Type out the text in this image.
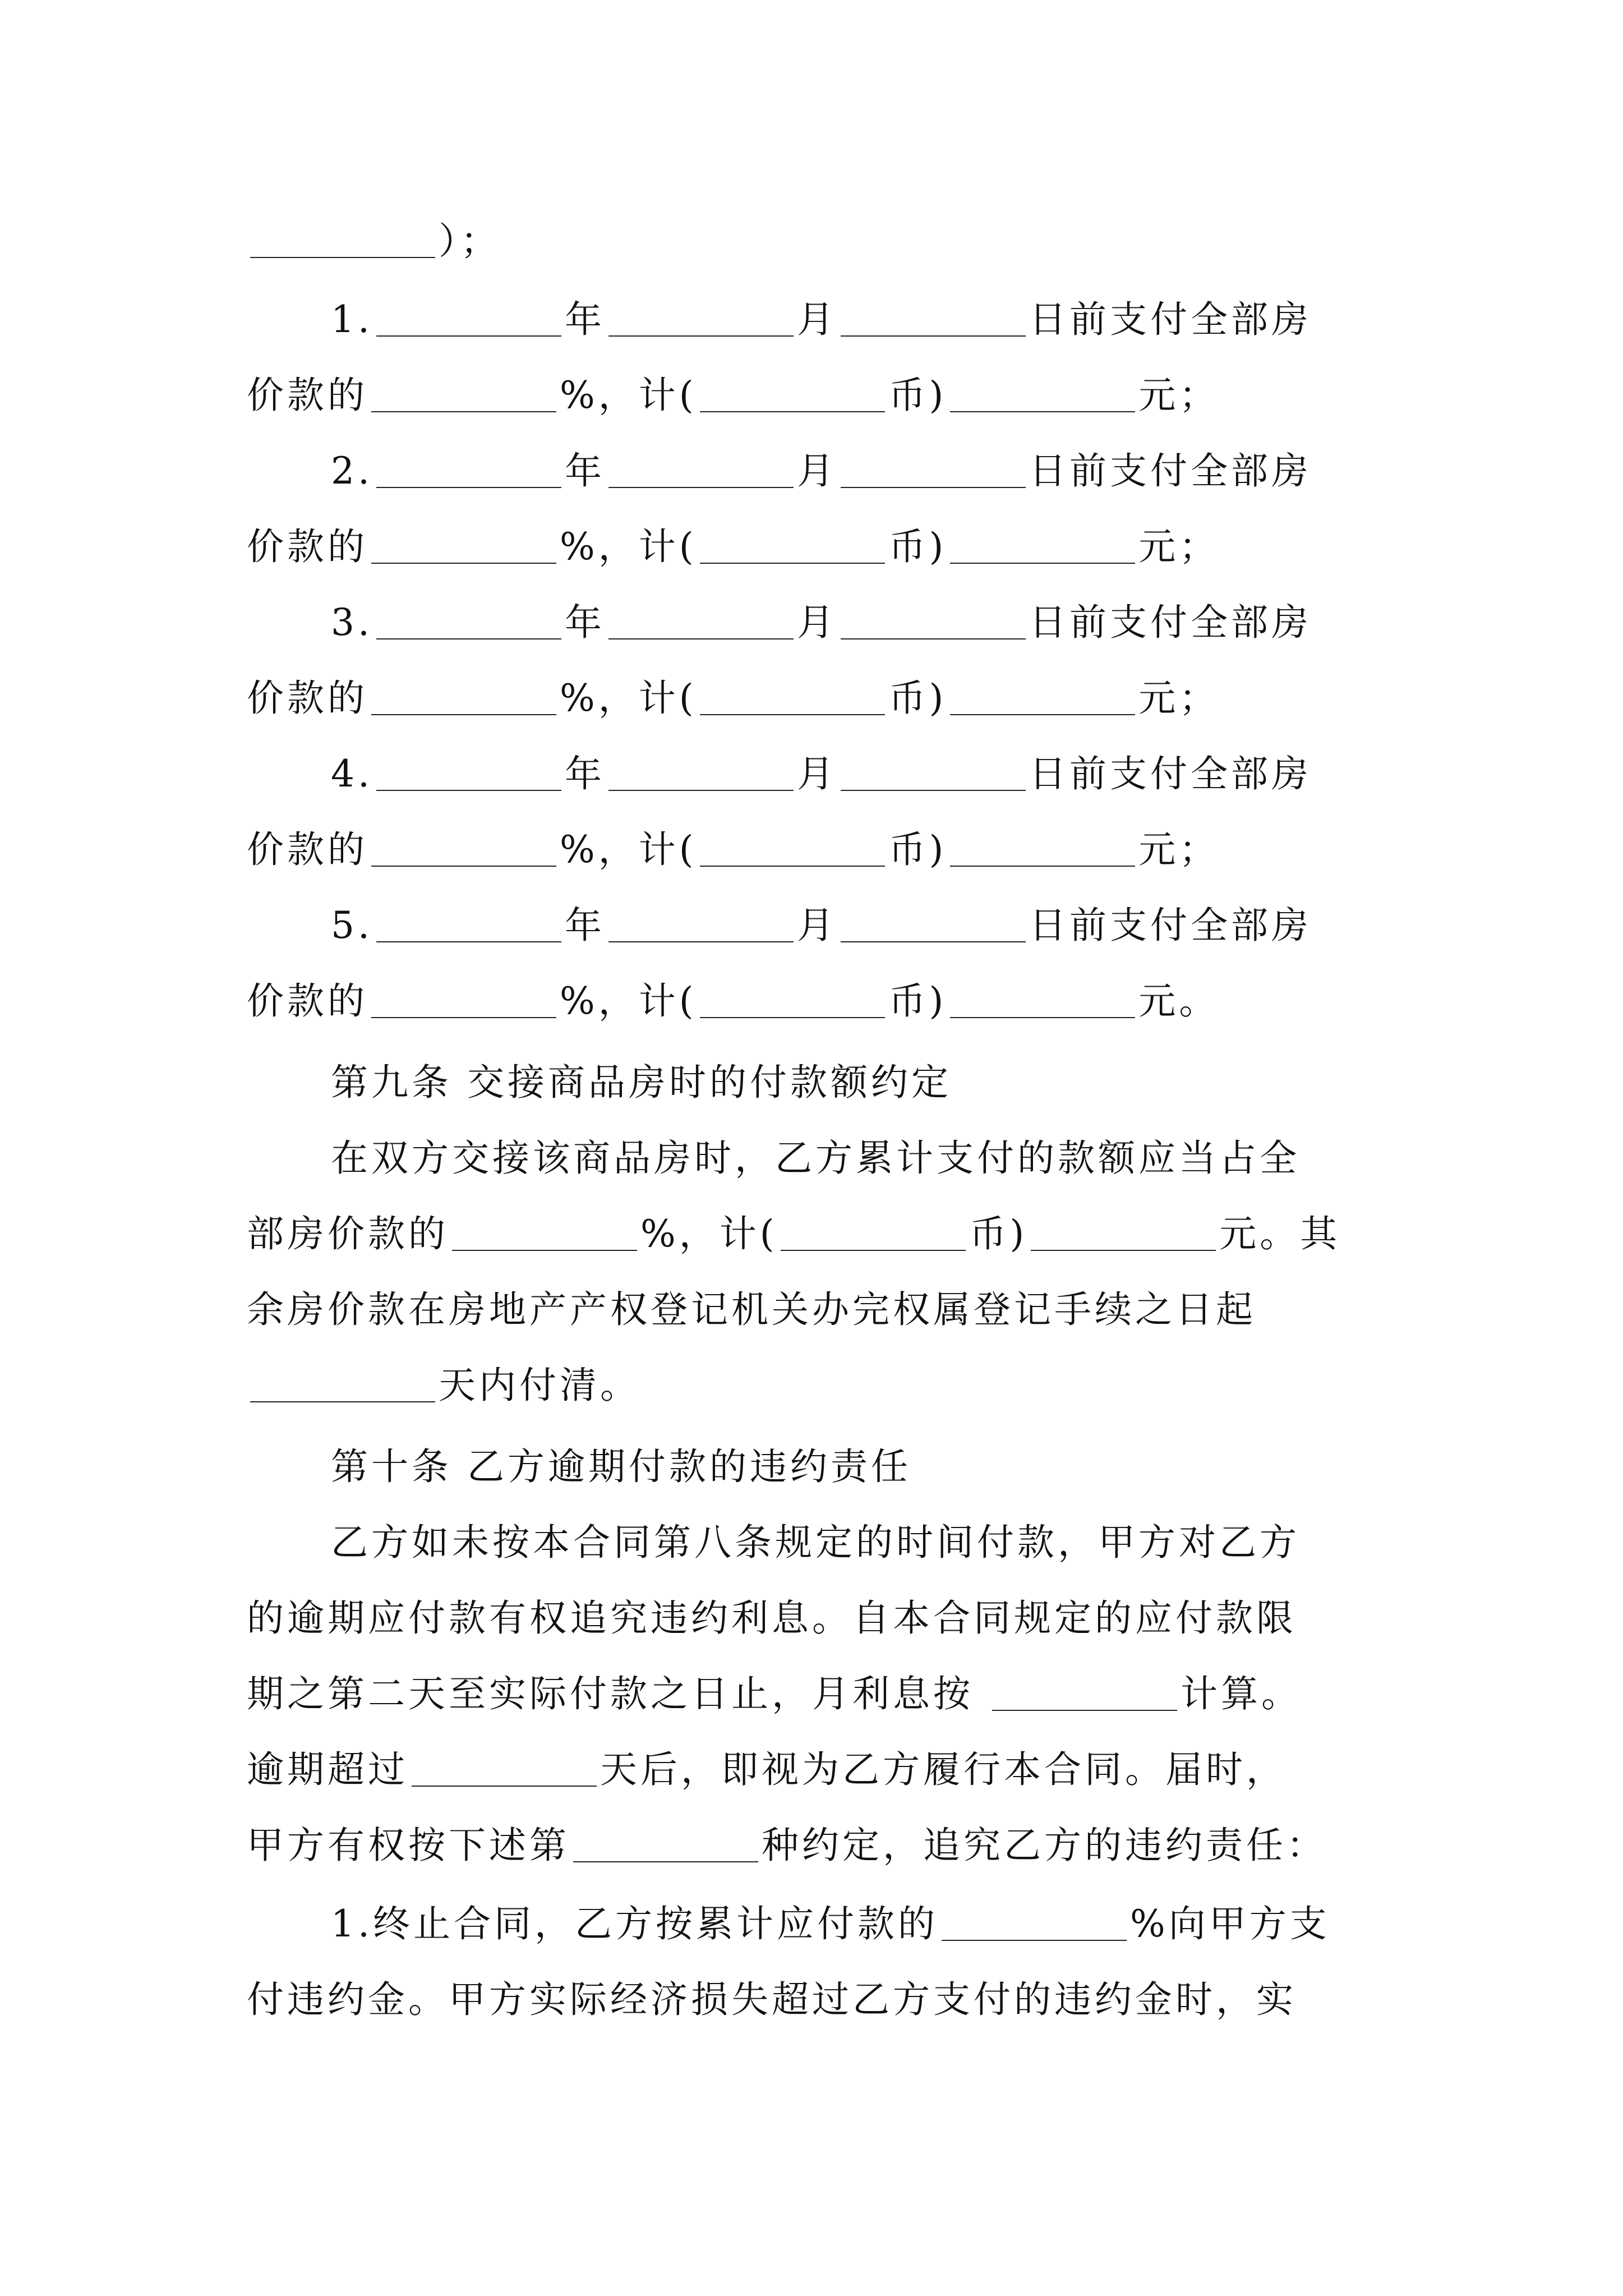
）；
1.	年	月	日前支付全部房
价款的	%，计(	币)	元；
2.	年	月	日前支付全部房
价款的	%，计(	币)	元；
3.	年	月	日前支付全部房
价款的	%，计(	币)	元；
4.	年	月	日前支付全部房
价款的	%，计(	币)	元；
5.	年	月	日前支付全部房
价款的	%，计(	币)	元。
第九条 交接商品房时的付款额约定
在双方交接该商品房时，乙方累计支付的款额应当占全
部房价款的	%，计(	币)	元。其
余房价款在房地产产权登记机关办完权属登记手续之日起
天内付清。
第十条 乙方逾期付款的违约责任
乙方如未按本合同第八条规定的时间付款，甲方对乙方
的逾期应付款有权追究违约利息。自本合同规定的应付款限
期之第二天至实际付款之日止，月利息按	计算。
逾期超过	天后，即视为乙方履行本合同。届时，
甲方有权按下述第	种约定，追究乙方的违约责任：
1.终止合同，乙方按累计应付款的	%向甲方支
付违约金。甲方实际经济损失超过乙方支付的违约金时，实
